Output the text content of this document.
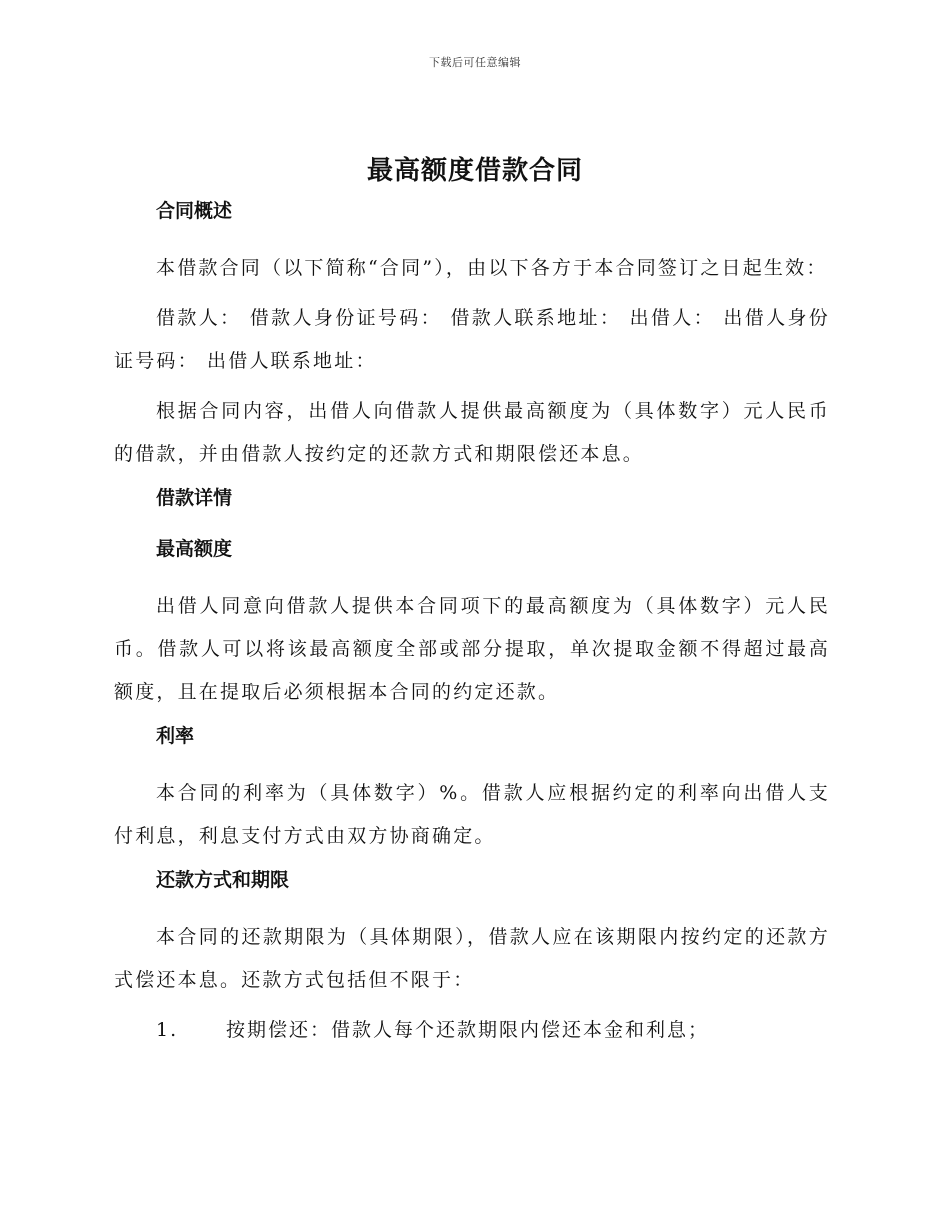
下载后可任意编辑
最高额度借款合同
合同概述
本借款合同（以下简称“合同”），由以下各方于本合同签订之日起生效：
借款人： 借款人身份证号码： 借款人联系地址： 出借人： 出借人身份证号码： 出借人联系地址：
根据合同内容，出借人向借款人提供最高额度为（具体数字）元人民币的借款，并由借款人按约定的还款方式和期限偿还本息。
借款详情
最高额度
出借人同意向借款人提供本合同项下的最高额度为（具体数字）元人民币。借款人可以将该最高额度全部或部分提取，单次提取金额不得超过最高额度，且在提取后必须根据本合同的约定还款。
利率
本合同的利率为（具体数字）%。借款人应根据约定的利率向出借人支付利息，利息支付方式由双方协商确定。
还款方式和期限
本合同的还款期限为（具体期限），借款人应在该期限内按约定的还款方式偿还本息。还款方式包括但不限于：
1.	按期偿还：借款人每个还款期限内偿还本金和利息；
